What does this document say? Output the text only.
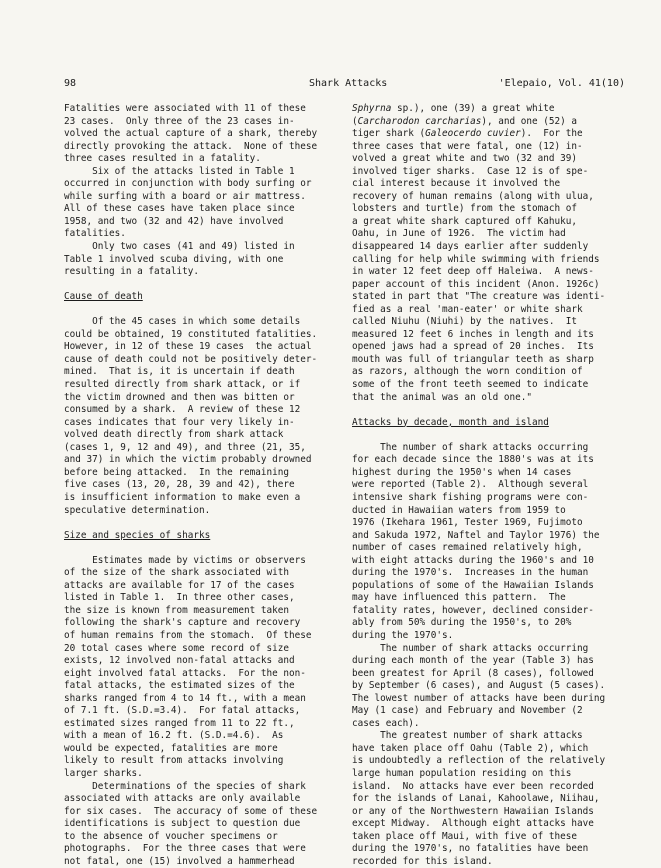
98	Shark Attacks	'Elepaio, Vol. 41(10)
Fatalities were associated with 11 of these
23 cases.  Only three of the 23 cases in-
volved the actual capture of a shark, thereby
directly provoking the attack.  None of these
three cases resulted in a fatality.
Six of the attacks listed in Table 1
occurred in conjunction with body surfing or
while surfing with a board or air mattress.
All of these cases have taken place since
1958, and two (32 and 42) have involved
fatalities.
Only two cases (41 and 49) listed in
Table 1 involved scuba diving, with one
resulting in a fatality.
Cause of death
Of the 45 cases in which some details
could be obtained, 19 constituted fatalities.
However, in 12 of these 19 cases  the actual
cause of death could not be positively deter-
mined.  That is, it is uncertain if death
resulted directly from shark attack, or if
the victim drowned and then was bitten or
consumed by a shark.  A review of these 12
cases indicates that four very likely in-
volved death directly from shark attack
(cases 1, 9, 12 and 49), and three (21, 35,
and 37) in which the victim probably drowned
before being attacked.  In the remaining
five cases (13, 20, 28, 39 and 42), there
is insufficient information to make even a
speculative determination.
Size and species of sharks
Estimates made by victims or observers
of the size of the shark associated with
attacks are available for 17 of the cases
listed in Table 1.  In three other cases,
the size is known from measurement taken
following the shark's capture and recovery
of human remains from the stomach.  Of these
20 total cases where some record of size
exists, 12 involved non-fatal attacks and
eight involved fatal attacks.  For the non-
fatal attacks, the estimated sizes of the
sharks ranged from 4 to 14 ft., with a mean
of 7.1 ft. (S.D.=3.4).  For fatal attacks,
estimated sizes ranged from 11 to 22 ft.,
with a mean of 16.2 ft. (S.D.=4.6).  As
would be expected, fatalities are more
likely to result from attacks involving
larger sharks.
Determinations of the species of shark
associated with attacks are only available
for six cases.  The accuracy of some of these
identifications is subject to question due
to the absence of voucher specimens or
photographs.  For the three cases that were
not fatal, one (15) involved a hammerhead
Sphyrna sp.), one (39) a great white
(Carcharodon carcharias), and one (52) a
tiger shark (Galeocerdo cuvier).  For the
three cases that were fatal, one (12) in-
volved a great white and two (32 and 39)
involved tiger sharks.  Case 12 is of spe-
cial interest because it involved the
recovery of human remains (along with ulua,
lobsters and turtle) from the stomach of
a great white shark captured off Kahuku,
Oahu, in June of 1926.  The victim had
disappeared 14 days earlier after suddenly
calling for help while swimming with friends
in water 12 feet deep off Haleiwa.  A news-
paper account of this incident (Anon. 1926c)
stated in part that "The creature was identi-
fied as a real 'man-eater' or white shark
called Niuhu (Niuhi) by the natives.  It
measured 12 feet 6 inches in length and its
opened jaws had a spread of 20 inches.  Its
mouth was full of triangular teeth as sharp
as razors, although the worn condition of
some of the front teeth seemed to indicate
that the animal was an old one."
Attacks by decade, month and island
The number of shark attacks occurring
for each decade since the 1880's was at its
highest during the 1950's when 14 cases
were reported (Table 2).  Although several
intensive shark fishing programs were con-
ducted in Hawaiian waters from 1959 to
1976 (Ikehara 1961, Tester 1969, Fujimoto
and Sakuda 1972, Naftel and Taylor 1976) the
number of cases remained relatively high,
with eight attacks during the 1960's and 10
during the 1970's.  Increases in the human
populations of some of the Hawaiian Islands
may have influenced this pattern.  The
fatality rates, however, declined consider-
ably from 50% during the 1950's, to 20%
during the 1970's.
The number of shark attacks occurring
during each month of the year (Table 3) has
been greatest for April (8 cases), followed
by September (6 cases), and August (5 cases).
The lowest number of attacks have been during
May (1 case) and February and November (2
cases each).
The greatest number of shark attacks
have taken place off Oahu (Table 2), which
is undoubtedly a reflection of the relatively
large human population residing on this
island.  No attacks have ever been recorded
for the islands of Lanai, Kahoolawe, Niihau,
or any of the Northwestern Hawaiian Islands
except Midway.  Although eight attacks have
taken place off Maui, with five of these
during the 1970's, no fatalities have been
recorded for this island.
